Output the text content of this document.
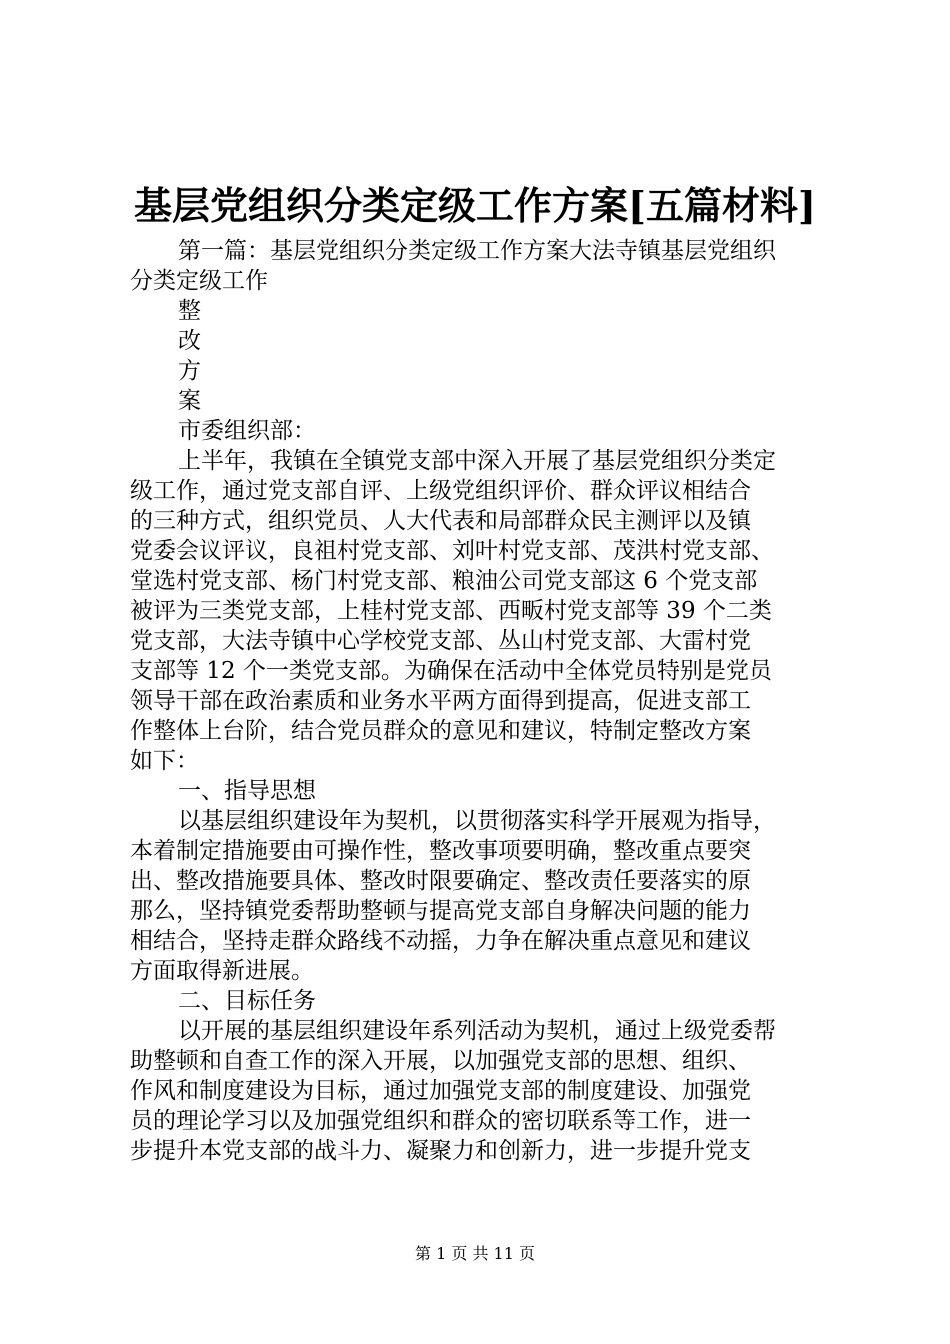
基层党组织分类定级工作方案[五篇材料]
第一篇：基层党组织分类定级工作方案大法寺镇基层党组织
分类定级工作
整
改
方
案
市委组织部：
上半年，我镇在全镇党支部中深入开展了基层党组织分类定
级工作，通过党支部自评、上级党组织评价、群众评议相结合
的三种方式，组织党员、人大代表和局部群众民主测评以及镇
党委会议评议，良祖村党支部、刘叶村党支部、茂洪村党支部、
堂选村党支部、杨门村党支部、粮油公司党支部这 6 个党支部
被评为三类党支部，上桂村党支部、西畈村党支部等 39 个二类
党支部，大法寺镇中心学校党支部、丛山村党支部、大雷村党
支部等 12 个一类党支部。为确保在活动中全体党员特别是党员
领导干部在政治素质和业务水平两方面得到提高，促进支部工
作整体上台阶，结合党员群众的意见和建议，特制定整改方案
如下：
一、指导思想
以基层组织建设年为契机，以贯彻落实科学开展观为指导，
本着制定措施要由可操作性，整改事项要明确，整改重点要突
出、整改措施要具体、整改时限要确定、整改责任要落实的原
那么，坚持镇党委帮助整顿与提高党支部自身解决问题的能力
相结合，坚持走群众路线不动摇，力争在解决重点意见和建议
方面取得新进展。
二、目标任务
以开展的基层组织建设年系列活动为契机，通过上级党委帮
助整顿和自查工作的深入开展，以加强党支部的思想、组织、
作风和制度建设为目标，通过加强党支部的制度建设、加强党
员的理论学习以及加强党组织和群众的密切联系等工作，进一
步提升本党支部的战斗力、凝聚力和创新力，进一步提升党支
第 1 页 共 11 页
